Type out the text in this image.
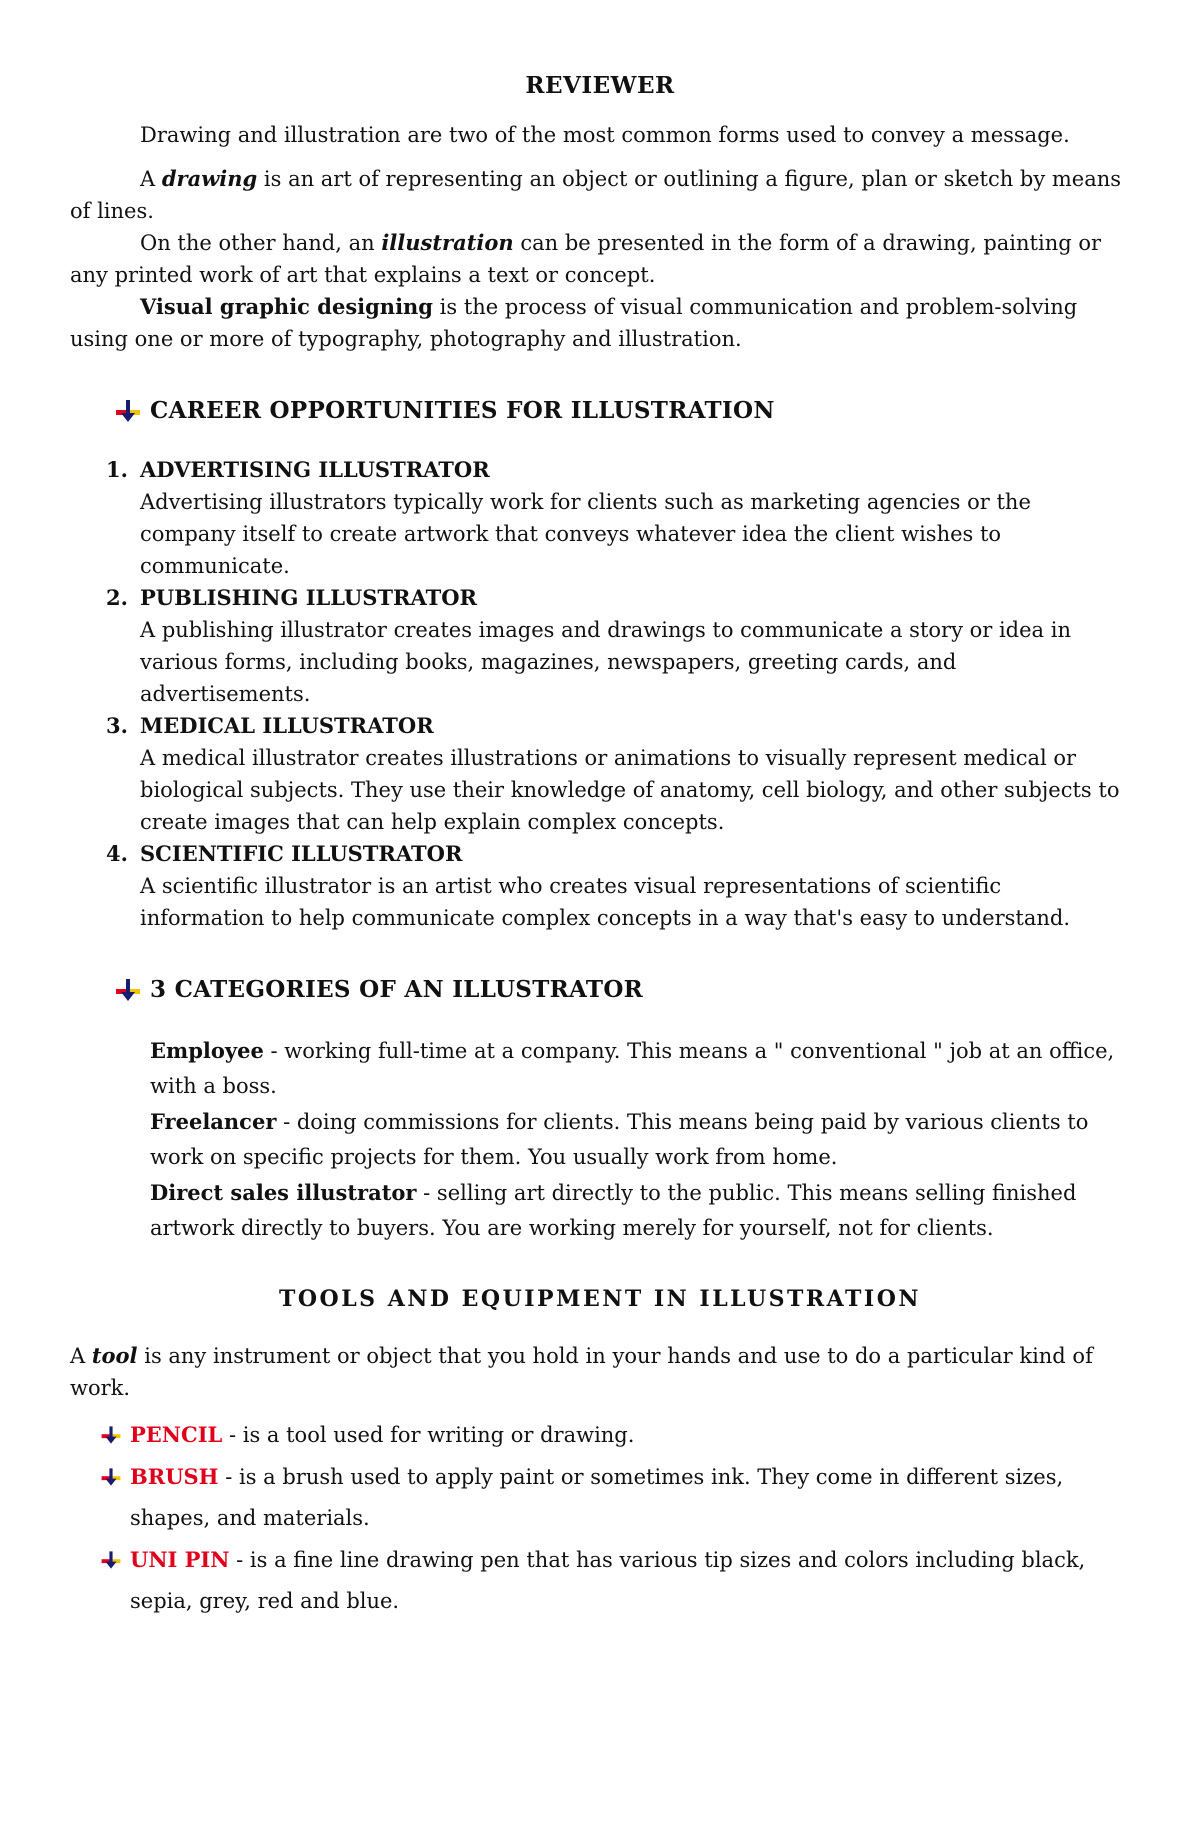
REVIEWER

Drawing and illustration are two of the most common forms used to convey a message.

A drawing is an art of representing an object or outlining a figure, plan or sketch by means of lines.

On the other hand, an illustration can be presented in the form of a drawing, painting or any printed work of art that explains a text or concept.

Visual graphic designing is the process of visual communication and problem-solving using one or more of typography, photography and illustration.

CAREER OPPORTUNITIES FOR ILLUSTRATION
1. ADVERTISING ILLUSTRATOR

Advertising illustrators typically work for clients such as marketing agencies or the company itself to create artwork that conveys whatever idea the client wishes to communicate.

2. PUBLISHING ILLUSTRATOR

A publishing illustrator creates images and drawings to communicate a story or idea in various forms, including books, magazines, newspapers, greeting cards, and advertisements.

3. MEDICAL ILLUSTRATOR

A medical illustrator creates illustrations or animations to visually represent medical or biological subjects. They use their knowledge of anatomy, cell biology, and other subjects to create images that can help explain complex concepts.

4. SCIENTIFIC ILLUSTRATOR

A scientific illustrator is an artist who creates visual representations of scientific information to help communicate complex concepts in a way that's easy to understand.

3 CATEGORIES OF AN ILLUSTRATOR

Employee - working full-time at a company. This means a " conventional " job at an office, with a boss.

Freelancer - doing commissions for clients. This means being paid by various clients to work on specific projects for them. You usually work from home.

Direct sales illustrator - selling art directly to the public. This means selling finished artwork directly to buyers. You are working merely for yourself, not for clients.

TOOLS AND EQUIPMENT IN ILLUSTRATION

A tool is any instrument or object that you hold in your hands and use to do a particular kind of work.

PENCIL - is a tool used for writing or drawing.
BRUSH - is a brush used to apply paint or sometimes ink. They come in different sizes, shapes, and materials.
UNI PIN - is a fine line drawing pen that has various tip sizes and colors including black, sepia, grey, red and blue.
